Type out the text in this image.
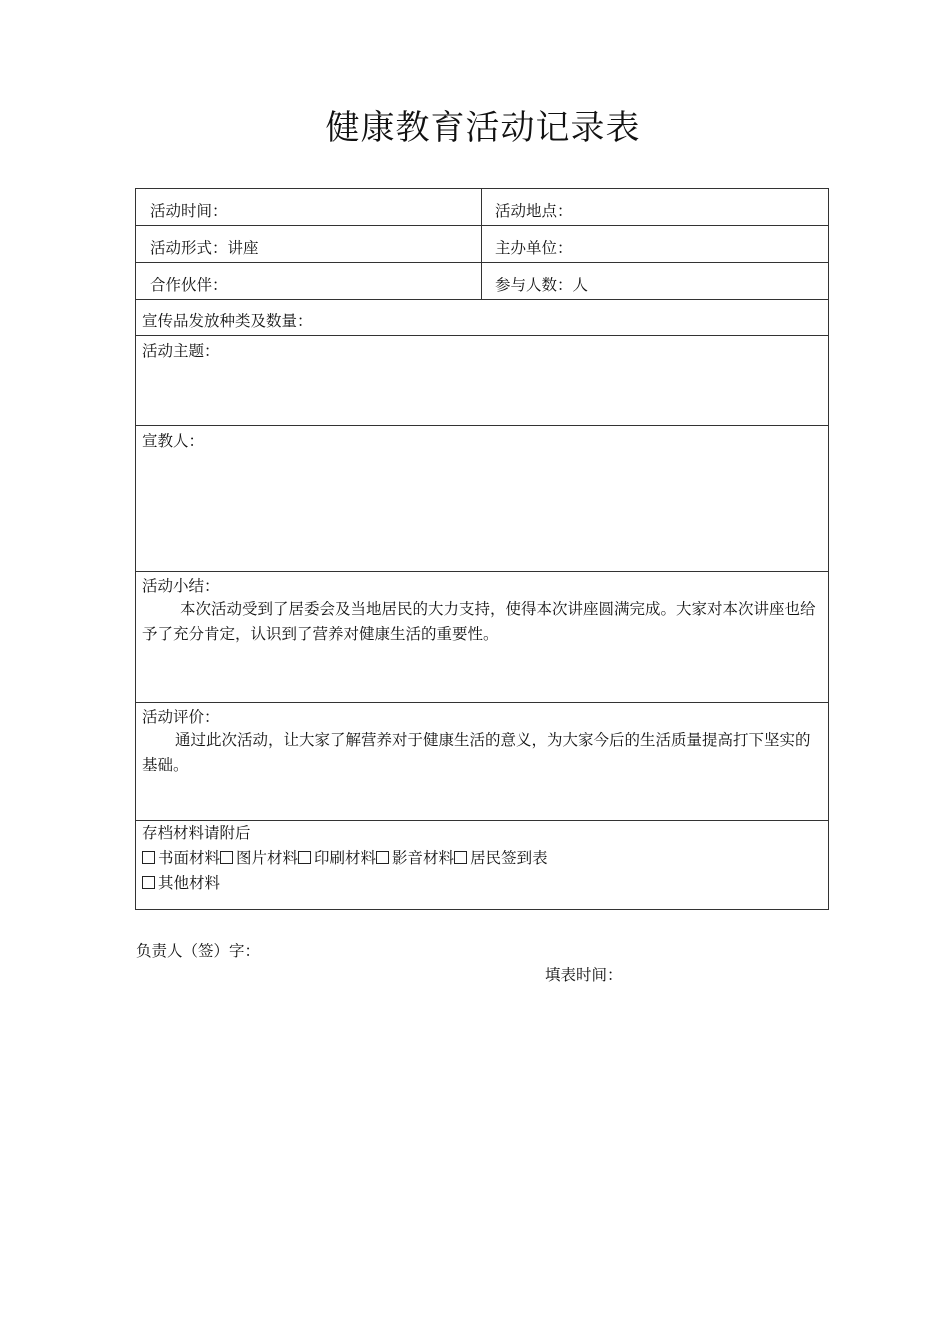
健康教育活动记录表
活动时间：	活动地点：
活动形式：讲座	主办单位：
合作伙伴：	参与人数：人
宣传品发放种类及数量：
活动主题：
宣教人：
活动小结：
本次活动受到了居委会及当地居民的大力支持，使得本次讲座圆满完成。大家对本次讲座也给予了充分肯定，认识到了营养对健康生活的重要性。
活动评价：
通过此次活动，让大家了解营养对于健康生活的意义，为大家今后的生活质量提高打下坚实的基础。
存档材料请附后
书面材料 图片材料 印刷材料 影音材料 居民签到表
其他材料
负责人（签）字：
填表时间：
